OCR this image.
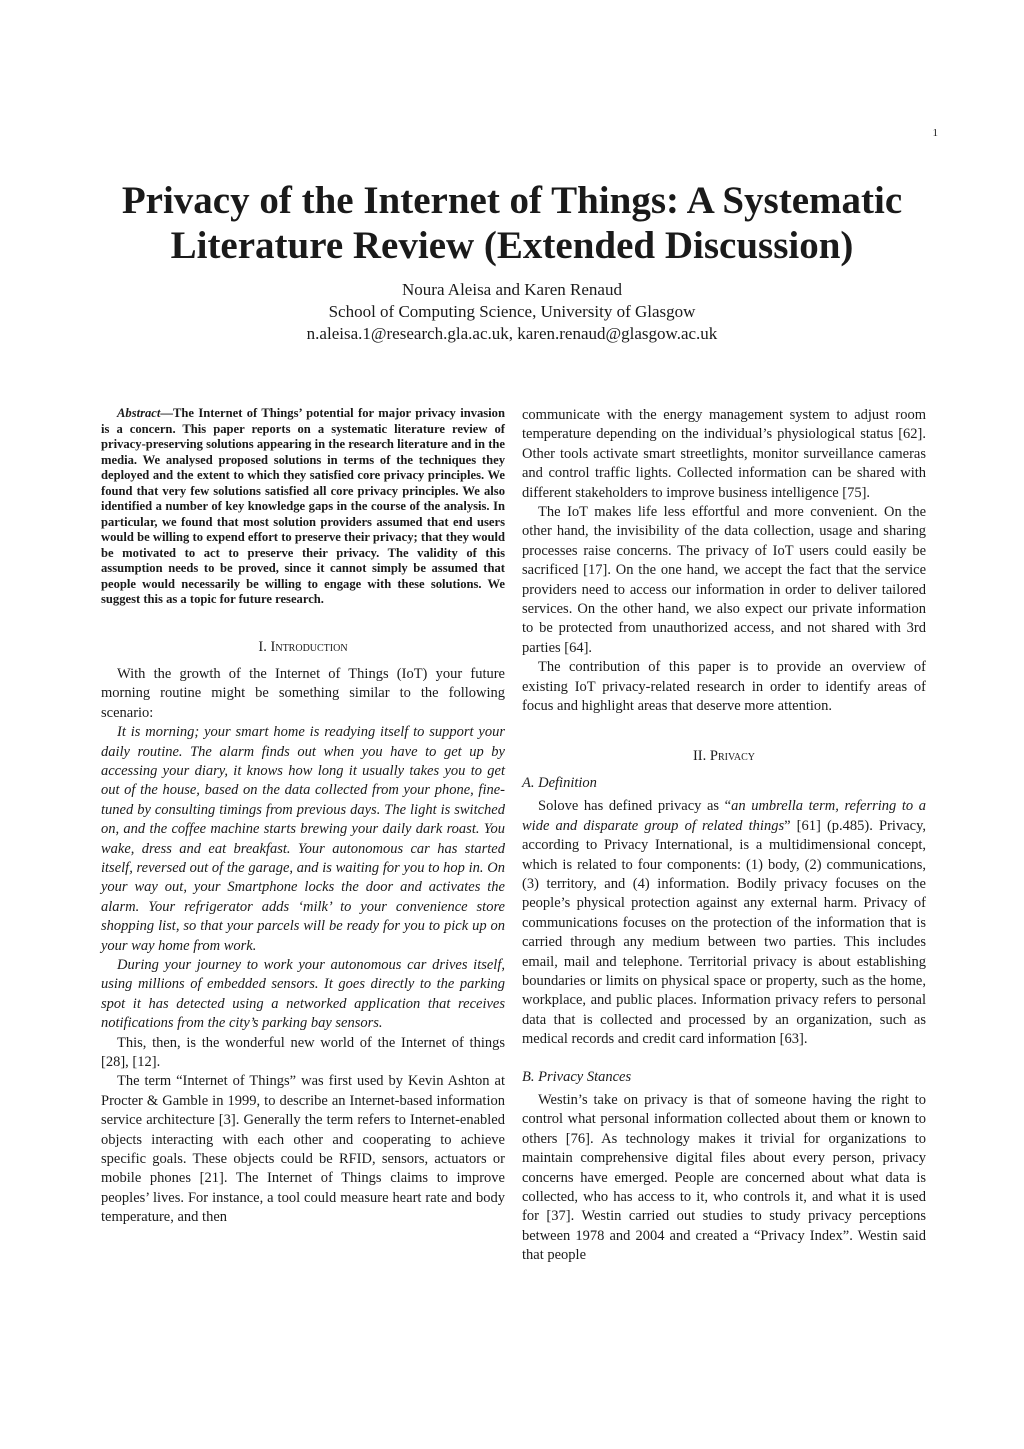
1
Privacy of the Internet of Things: A Systematic Literature Review (Extended Discussion)
Noura Aleisa and Karen Renaud
School of Computing Science, University of Glasgow
n.aleisa.1@research.gla.ac.uk, karen.renaud@glasgow.ac.uk

Abstract—The Internet of Things’ potential for major privacy invasion is a concern. This paper reports on a systematic literature review of privacy-preserving solutions appearing in the research literature and in the media. We analysed proposed solutions in terms of the techniques they deployed and the extent to which they satisfied core privacy principles. We found that very few solutions satisfied all core privacy principles. We also identified a number of key knowledge gaps in the course of the analysis. In particular, we found that most solution providers assumed that end users would be willing to expend effort to preserve their privacy; that they would be motivated to act to preserve their privacy. The validity of this assumption needs to be proved, since it cannot simply be assumed that people would necessarily be willing to engage with these solutions. We suggest this as a topic for future research.

I. Introduction

With the growth of the Internet of Things (IoT) your future morning routine might be something similar to the following scenario:

It is morning; your smart home is readying itself to support your daily routine. The alarm finds out when you have to get up by accessing your diary, it knows how long it usually takes you to get out of the house, based on the data collected from your phone, fine-tuned by consulting timings from previous days. The light is switched on, and the coffee machine starts brewing your daily dark roast. You wake, dress and eat breakfast. Your autonomous car has started itself, reversed out of the garage, and is waiting for you to hop in. On your way out, your Smartphone locks the door and activates the alarm. Your refrigerator adds ‘milk’ to your convenience store shopping list, so that your parcels will be ready for you to pick up on your way home from work.

During your journey to work your autonomous car drives itself, using millions of embedded sensors. It goes directly to the parking spot it has detected using a networked application that receives notifications from the city’s parking bay sensors.

This, then, is the wonderful new world of the Internet of things [28], [12].

The term “Internet of Things” was first used by Kevin Ashton at Procter & Gamble in 1999, to describe an Internet-based information service architecture [3]. Generally the term refers to Internet-enabled objects interacting with each other and cooperating to achieve specific goals. These objects could be RFID, sensors, actuators or mobile phones [21]. The Internet of Things claims to improve peoples’ lives. For instance, a tool could measure heart rate and body temperature, and then

communicate with the energy management system to adjust room temperature depending on the individual’s physiological status [62]. Other tools activate smart streetlights, monitor surveillance cameras and control traffic lights. Collected information can be shared with different stakeholders to improve business intelligence [75].

The IoT makes life less effortful and more convenient. On the other hand, the invisibility of the data collection, usage and sharing processes raise concerns. The privacy of IoT users could easily be sacrificed [17]. On the one hand, we accept the fact that the service providers need to access our information in order to deliver tailored services. On the other hand, we also expect our private information to be protected from unauthorized access, and not shared with 3rd parties [64].

The contribution of this paper is to provide an overview of existing IoT privacy-related research in order to identify areas of focus and highlight areas that deserve more attention.

II. Privacy
A. Definition

Solove has defined privacy as “an umbrella term, referring to a wide and disparate group of related things” [61] (p.485). Privacy, according to Privacy International, is a multidimensional concept, which is related to four components: (1) body, (2) communications, (3) territory, and (4) information. Bodily privacy focuses on the people’s physical protection against any external harm. Privacy of communications focuses on the protection of the information that is carried through any medium between two parties. This includes email, mail and telephone. Territorial privacy is about establishing boundaries or limits on physical space or property, such as the home, workplace, and public places. Information privacy refers to personal data that is collected and processed by an organization, such as medical records and credit card information [63].

B. Privacy Stances

Westin’s take on privacy is that of someone having the right to control what personal information collected about them or known to others [76]. As technology makes it trivial for organizations to maintain comprehensive digital files about every person, privacy concerns have emerged. People are concerned about what data is collected, who has access to it, who controls it, and what it is used for [37]. Westin carried out studies to study privacy perceptions between 1978 and 2004 and created a “Privacy Index”. Westin said that people
